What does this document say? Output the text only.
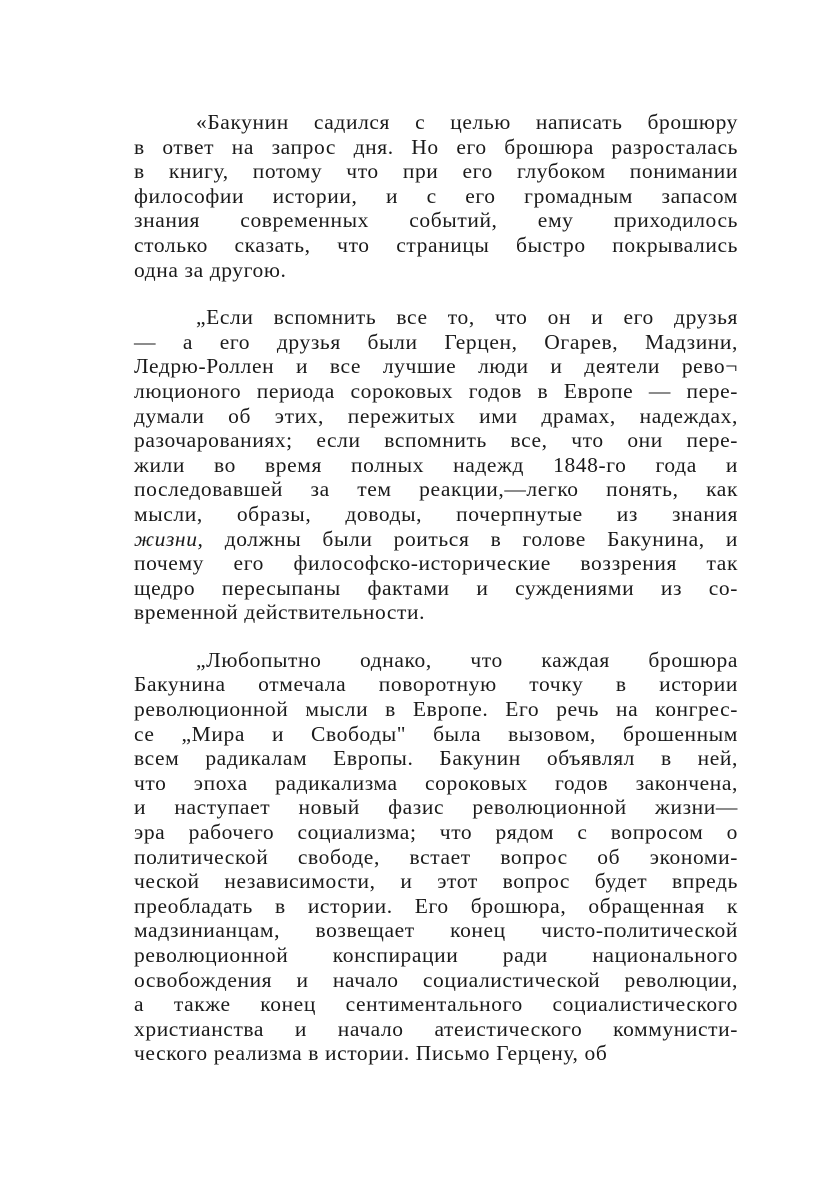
«Бакунин садился с целью написать брошюру
в ответ на запрос дня. Но его брошюра разросталась
в книгу, потому что при его глубоком понимании
философии истории, и с его громадным запасом
знания современных событий, ему приходилось
столько сказать, что страницы быстро покрывались
одна за другою.
„Если вспомнить все то, что он и его друзья
— а его друзья были Герцен, Огарев, Мадзини,
Ледрю-Роллен и все лучшие люди и деятели рево¬
люционого периода сороковых годов в Европе — пере-
думали об этих, пережитых ими драмах, надеждах,
разочарованиях; если вспомнить все, что они пере-
жили во время полных надежд 1848-го года и
последовавшей за тем реакции,—легко понять, как
мысли, образы, доводы, почерпнутые из знания
жизни, должны были роиться в голове Бакунина, и
почему его философско-исторические воззрения так
щедро пересыпаны фактами и суждениями из со-
временной действительности.
„Любопытно однако, что каждая брошюра
Бакунина отмечала поворотную точку в истории
революционной мысли в Европе. Его речь на конгрес-
се „Мира и Свободы" была вызовом, брошенным
всем радикалам Европы. Бакунин объявлял в ней,
что эпоха радикализма сороковых годов закончена,
и наступает новый фазис революционной жизни—
эра рабочего социализма; что рядом с вопросом о
политической свободе, встает вопрос об экономи-
ческой независимости, и этот вопрос будет впредь
преобладать в истории. Его брошюра, обращенная к
мадзинианцам, возвещает конец чисто-политической
революционной конспирации ради национального
освобождения и начало социалистической революции,
а также конец сентиментального социалистического
христианства и начало атеистического коммунисти-
ческого реализма в истории. Письмо Герцену, об
